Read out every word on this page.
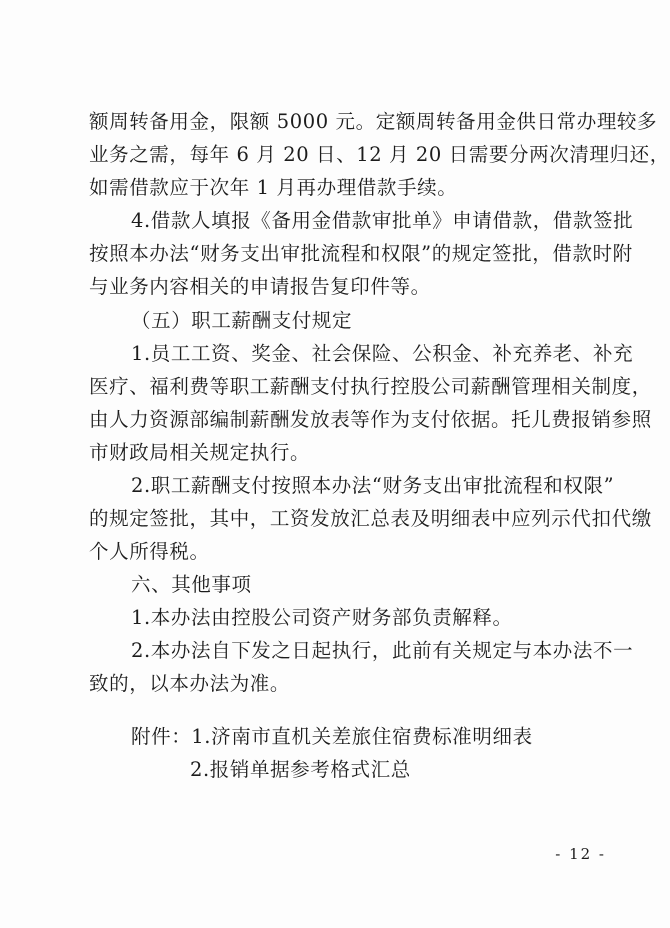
额周转备用金，限额 5000 元。定额周转备用金供日常办理较多
业务之需，每年 6 月 20 日、12 月 20 日需要分两次清理归还，
如需借款应于次年 1 月再办理借款手续。
4.借款人填报《备用金借款审批单》申请借款，借款签批
按照本办法“财务支出审批流程和权限”的规定签批，借款时附
与业务内容相关的申请报告复印件等。
（五）职工薪酬支付规定
1.员工工资、奖金、社会保险、公积金、补充养老、补充
医疗、福利费等职工薪酬支付执行控股公司薪酬管理相关制度，
由人力资源部编制薪酬发放表等作为支付依据。托儿费报销参照
市财政局相关规定执行。
2.职工薪酬支付按照本办法“财务支出审批流程和权限”
的规定签批，其中，工资发放汇总表及明细表中应列示代扣代缴
个人所得税。
六、其他事项
1.本办法由控股公司资产财务部负责解释。
2.本办法自下发之日起执行，此前有关规定与本办法不一
致的，以本办法为准。
附件：1.济南市直机关差旅住宿费标准明细表
2.报销单据参考格式汇总
- 12 -
